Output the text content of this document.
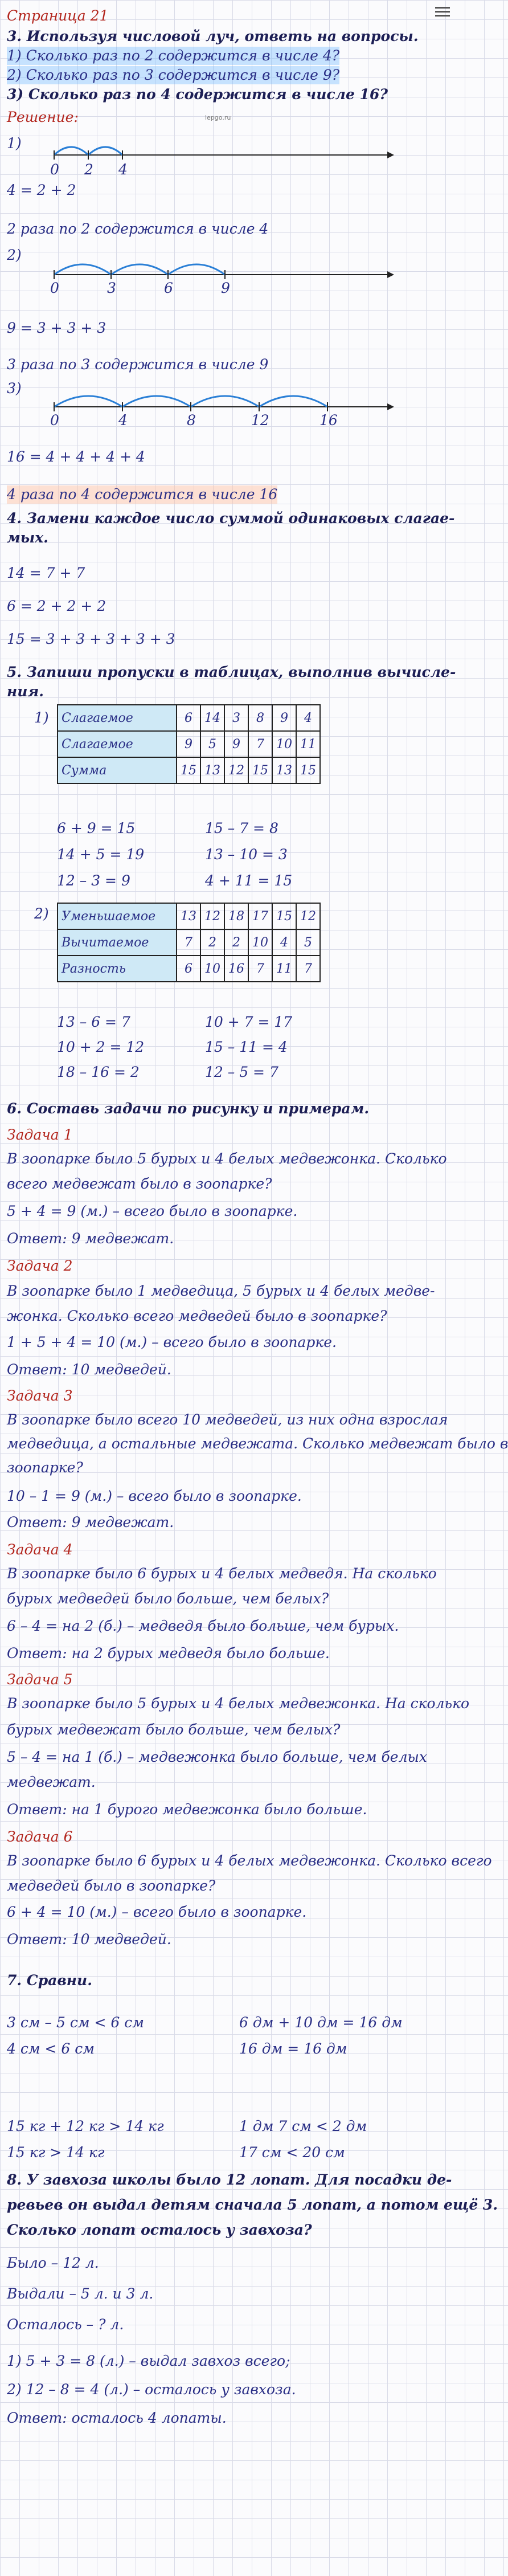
Страница 21
3. Используя числовой луч, ответь на вопросы.
1) Сколько раз по 2 содержится в числе 4?
2) Сколько раз по 3 содержится в числе 9?
3) Сколько раз по 4 содержится в числе 16?
Решение:	lepgo.ru
1)
0 2 4
4 = 2 + 2
2 раза по 2 содержится в числе 4
2)
0	3	6	9
9 = 3 + 3 + 3
3 раза по 3 содержится в числе 9
3)
0	4	8	12	16
16 = 4 + 4 + 4 + 4
4 раза по 4 содержится в числе 16
4. Замени каждое число суммой одинаковых слагае-
мых.
14 = 7 + 7
6 = 2 + 2 + 2
15 = 3 + 3 + 3 + 3 + 3
5. Запиши пропуски в таблицах, выполнив вычисле-
ния.
1) Слагаемое	6	14	3	8	9	4
Слагаемое	9	5	9	7	10	11
Сумма	15	13	12	15	13	15
6 + 9 = 15	15 – 7 = 8
14 + 5 = 19	13 – 10 = 3
12 – 3 = 9	4 + 11 = 15
2) Уменьшаемое	13	12	18	17	15	12
Вычитаемое	7	2	2	10	4	5
Разность	6	10	16	7	11	7
13 – 6 = 7	10 + 7 = 17
10 + 2 = 12	15 – 11 = 4
18 – 16 = 2	12 – 5 = 7
6. Составь задачи по рисунку и примерам.
Задача 1
В зоопарке было 5 бурых и 4 белых медвежонка. Сколько
всего медвежат было в зоопарке?
5 + 4 = 9 (м.) – всего было в зоопарке.
Ответ: 9 медвежат.
Задача 2
В зоопарке было 1 медведица, 5 бурых и 4 белых медве-
жонка. Сколько всего медведей было в зоопарке?
1 + 5 + 4 = 10 (м.) – всего было в зоопарке.
Ответ: 10 медведей.
Задача 3
В зоопарке было всего 10 медведей, из них одна взрослая
медведица, а остальные медвежата. Сколько медвежат было в
зоопарке?
10 – 1 = 9 (м.) – всего было в зоопарке.
Ответ: 9 медвежат.
Задача 4
В зоопарке было 6 бурых и 4 белых медведя. На сколько
бурых медведей было больше, чем белых?
6 – 4 = на 2 (б.) – медведя было больше, чем бурых.
Ответ: на 2 бурых медведя было больше.
Задача 5
В зоопарке было 5 бурых и 4 белых медвежонка. На сколько
бурых медвежат было больше, чем белых?
5 – 4 = на 1 (б.) – медвежонка было больше, чем белых
медвежат.
Ответ: на 1 бурого медвежонка было больше.
Задача 6
В зоопарке было 6 бурых и 4 белых медвежонка. Сколько всего
медведей было в зоопарке?
6 + 4 = 10 (м.) – всего было в зоопарке.
Ответ: 10 медведей.
7. Сравни.
3 см – 5 см < 6 см
4 см < 6 см
15 кг + 12 кг > 14 кг
15 кг > 14 кг
6 дм + 10 дм = 16 дм
16 дм = 16 дм
1 дм 7 см < 2 дм
17 см < 20 см
8. У завхоза школы было 12 лопат. Для посадки де-
ревьев он выдал детям сначала 5 лопат, а потом ещё 3.
Сколько лопат осталось у завхоза?
Было – 12 л.
Выдали – 5 л. и 3 л.
Осталось – ? л.
1) 5 + 3 = 8 (л.) – выдал завхоз всего;
2) 12 – 8 = 4 (л.) – осталось у завхоза.
Ответ: осталось 4 лопаты.
